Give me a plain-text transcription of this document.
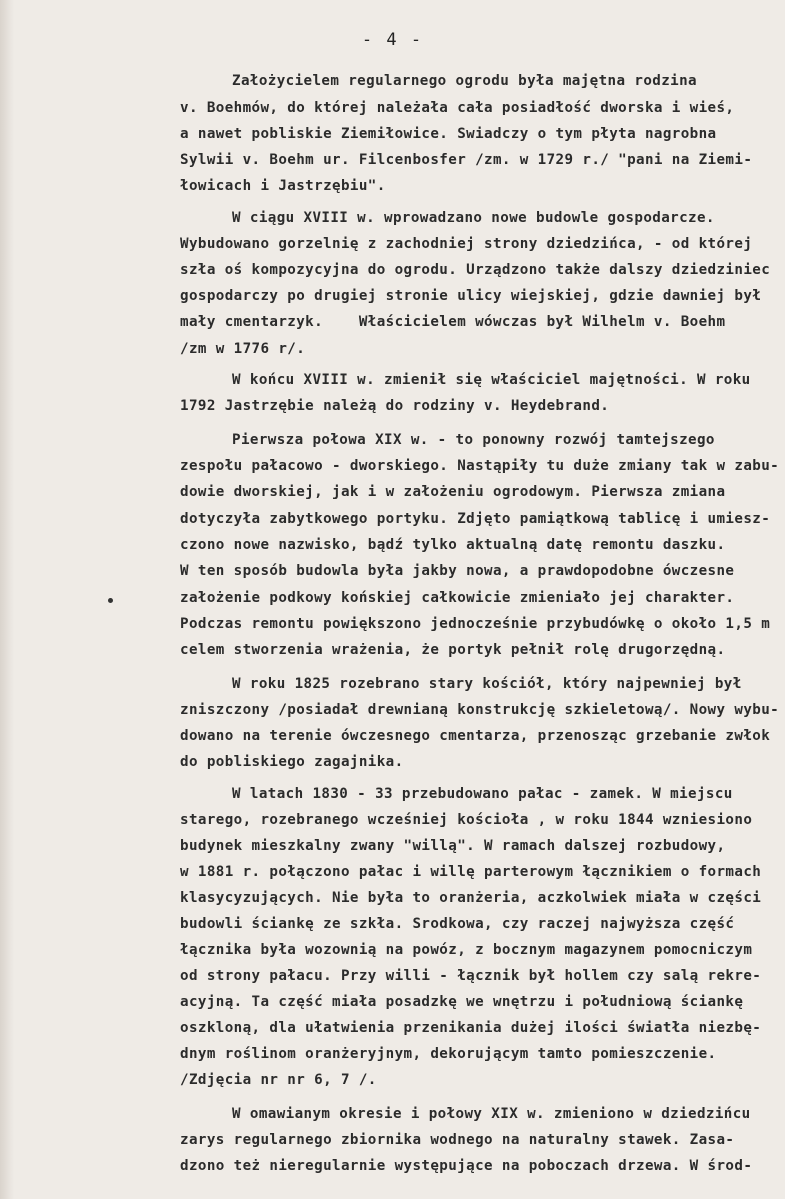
- 4 -
Założycielem regularnego ogrodu była majętna rodzina
v. Boehmów, do której należała cała posiadłość dworska i wieś,
a nawet pobliskie Ziemiłowice. Swiadczy o tym płyta nagrobna
Sylwii v. Boehm ur. Filcenbosfer /zm. w 1729 r./ "pani na Ziemi-
łowicach i Jastrzębiu".
W ciągu XVIII w. wprowadzano nowe budowle gospodarcze.
Wybudowano gorzelnię z zachodniej strony dziedzińca, - od której
szła oś kompozycyjna do ogrodu. Urządzono także dalszy dziedziniec
gospodarczy po drugiej stronie ulicy wiejskiej, gdzie dawniej był
mały cmentarzyk.    Właścicielem wówczas był Wilhelm v. Boehm
/zm w 1776 r/.
W końcu XVIII w. zmienił się właściciel majętności. W roku
1792 Jastrzębie należą do rodziny v. Heydebrand.
Pierwsza połowa XIX w. - to ponowny rozwój tamtejszego
zespołu pałacowo - dworskiego. Nastąpiły tu duże zmiany tak w zabu-
dowie dworskiej, jak i w założeniu ogrodowym. Pierwsza zmiana
dotyczyła zabytkowego portyku. Zdjęto pamiątkową tablicę i umiesz-
czono nowe nazwisko, bądź tylko aktualną datę remontu daszku.
W ten sposób budowla była jakby nowa, a prawdopodobne ówczesne
założenie podkowy końskiej całkowicie zmieniało jej charakter.
Podczas remontu powiększono jednocześnie przybudówkę o około 1,5 m
celem stworzenia wrażenia, że portyk pełnił rolę drugorzędną.
W roku 1825 rozebrano stary kościół, który najpewniej był
zniszczony /posiadał drewnianą konstrukcję szkieletową/. Nowy wybu-
dowano na terenie ówczesnego cmentarza, przenosząc grzebanie zwłok
do pobliskiego zagajnika.
W latach 1830 - 33 przebudowano pałac - zamek. W miejscu
starego, rozebranego wcześniej kościoła , w roku 1844 wzniesiono
budynek mieszkalny zwany "willą". W ramach dalszej rozbudowy,
w 1881 r. połączono pałac i willę parterowym łącznikiem o formach
klasycyzujących. Nie była to oranżeria, aczkolwiek miała w części
budowli ściankę ze szkła. Srodkowa, czy raczej najwyższa część
łącznika była wozownią na powóz, z bocznym magazynem pomocniczym
od strony pałacu. Przy willi - łącznik był hollem czy salą rekre-
acyjną. Ta część miała posadzkę we wnętrzu i południową ściankę
oszkloną, dla ułatwienia przenikania dużej ilości światła niezbę-
dnym roślinom oranżeryjnym, dekorującym tamto pomieszczenie.
/Zdjęcia nr nr 6, 7 /.
W omawianym okresie i połowy XIX w. zmieniono w dziedzińcu
zarys regularnego zbiornika wodnego na naturalny stawek. Zasa-
dzono też nieregularnie występujące na poboczach drzewa. W środ-
